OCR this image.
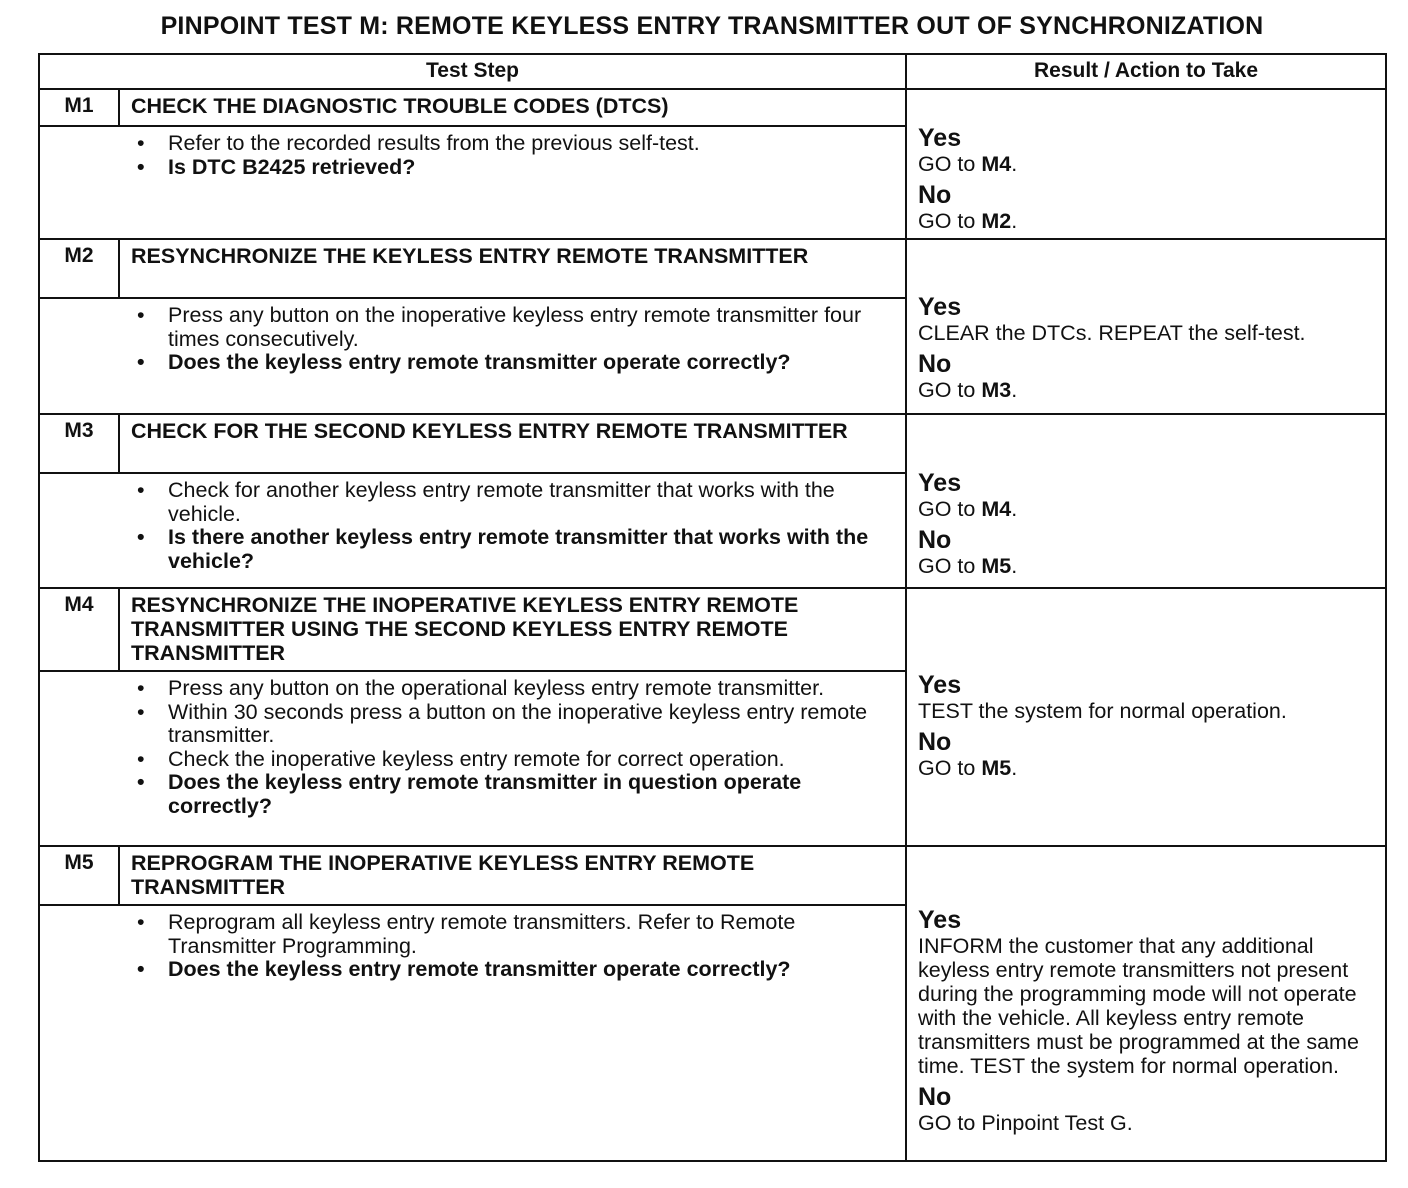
PINPOINT TEST M: REMOTE KEYLESS ENTRY TRANSMITTER OUT OF SYNCHRONIZATION
Test Step	Result / Action to Take
M1	CHECK THE DIAGNOSTIC TROUBLE CODES (DTCS)
• Refer to the recorded results from the previous self-test.
• Is DTC B2425 retrieved?
Yes
GO to M4.
No
GO to M2.
M2	RESYNCHRONIZE THE KEYLESS ENTRY REMOTE TRANSMITTER
• Press any button on the inoperative keyless entry remote transmitter four times consecutively.
• Does the keyless entry remote transmitter operate correctly?
Yes
CLEAR the DTCs. REPEAT the self-test.
No
GO to M3.
M3	CHECK FOR THE SECOND KEYLESS ENTRY REMOTE TRANSMITTER
• Check for another keyless entry remote transmitter that works with the vehicle.
• Is there another keyless entry remote transmitter that works with the vehicle?
Yes
GO to M4.
No
GO to M5.
M4	RESYNCHRONIZE THE INOPERATIVE KEYLESS ENTRY REMOTE TRANSMITTER USING THE SECOND KEYLESS ENTRY REMOTE TRANSMITTER
• Press any button on the operational keyless entry remote transmitter.
• Within 30 seconds press a button on the inoperative keyless entry remote transmitter.
• Check the inoperative keyless entry remote for correct operation.
• Does the keyless entry remote transmitter in question operate correctly?
Yes
TEST the system for normal operation.
No
GO to M5.
M5	REPROGRAM THE INOPERATIVE KEYLESS ENTRY REMOTE TRANSMITTER
• Reprogram all keyless entry remote transmitters. Refer to Remote Transmitter Programming.
• Does the keyless entry remote transmitter operate correctly?
Yes
INFORM the customer that any additional keyless entry remote transmitters not present during the programming mode will not operate with the vehicle. All keyless entry remote transmitters must be programmed at the same time. TEST the system for normal operation.
No
GO to Pinpoint Test G.
